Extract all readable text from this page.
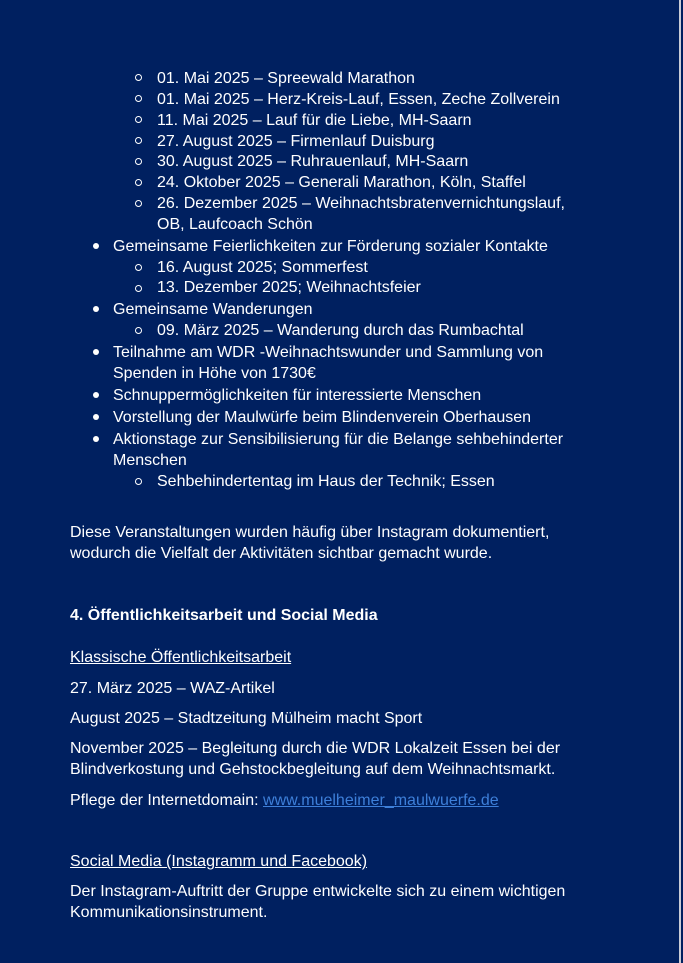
01. Mai 2025 – Spreewald Marathon
01. Mai 2025 – Herz-Kreis-Lauf, Essen, Zeche Zollverein
11. Mai 2025 – Lauf für die Liebe, MH-Saarn
27. August 2025 – Firmenlauf Duisburg
30. August 2025 – Ruhrauenlauf, MH-Saarn
24. Oktober 2025 – Generali Marathon, Köln, Staffel
26. Dezember 2025 – Weihnachtsbratenvernichtungslauf,
OB, Laufcoach Schön
Gemeinsame Feierlichkeiten zur Förderung sozialer Kontakte
16. August 2025; Sommerfest
13. Dezember 2025; Weihnachtsfeier
Gemeinsame Wanderungen
09. März 2025 – Wanderung durch das Rumbachtal
Teilnahme am WDR -Weihnachtswunder und Sammlung von
Spenden in Höhe von 1730€
Schnuppermöglichkeiten für interessierte Menschen
Vorstellung der Maulwürfe beim Blindenverein Oberhausen
Aktionstage zur Sensibilisierung für die Belange sehbehinderter
Menschen
Sehbehindertentag im Haus der Technik; Essen
Diese Veranstaltungen wurden häufig über Instagram dokumentiert,
wodurch die Vielfalt der Aktivitäten sichtbar gemacht wurde.
4. Öffentlichkeitsarbeit und Social Media
Klassische Öffentlichkeitsarbeit
27. März 2025 – WAZ-Artikel
August 2025 – Stadtzeitung Mülheim macht Sport
November 2025 – Begleitung durch die WDR Lokalzeit Essen bei der
Blindverkostung und Gehstockbegleitung auf dem Weihnachtsmarkt.
Pflege der Internetdomain: www.muelheimer_maulwuerfe.de
Social Media (Instagramm und Facebook)
Der Instagram-Auftritt der Gruppe entwickelte sich zu einem wichtigen
Kommunikationsinstrument.
